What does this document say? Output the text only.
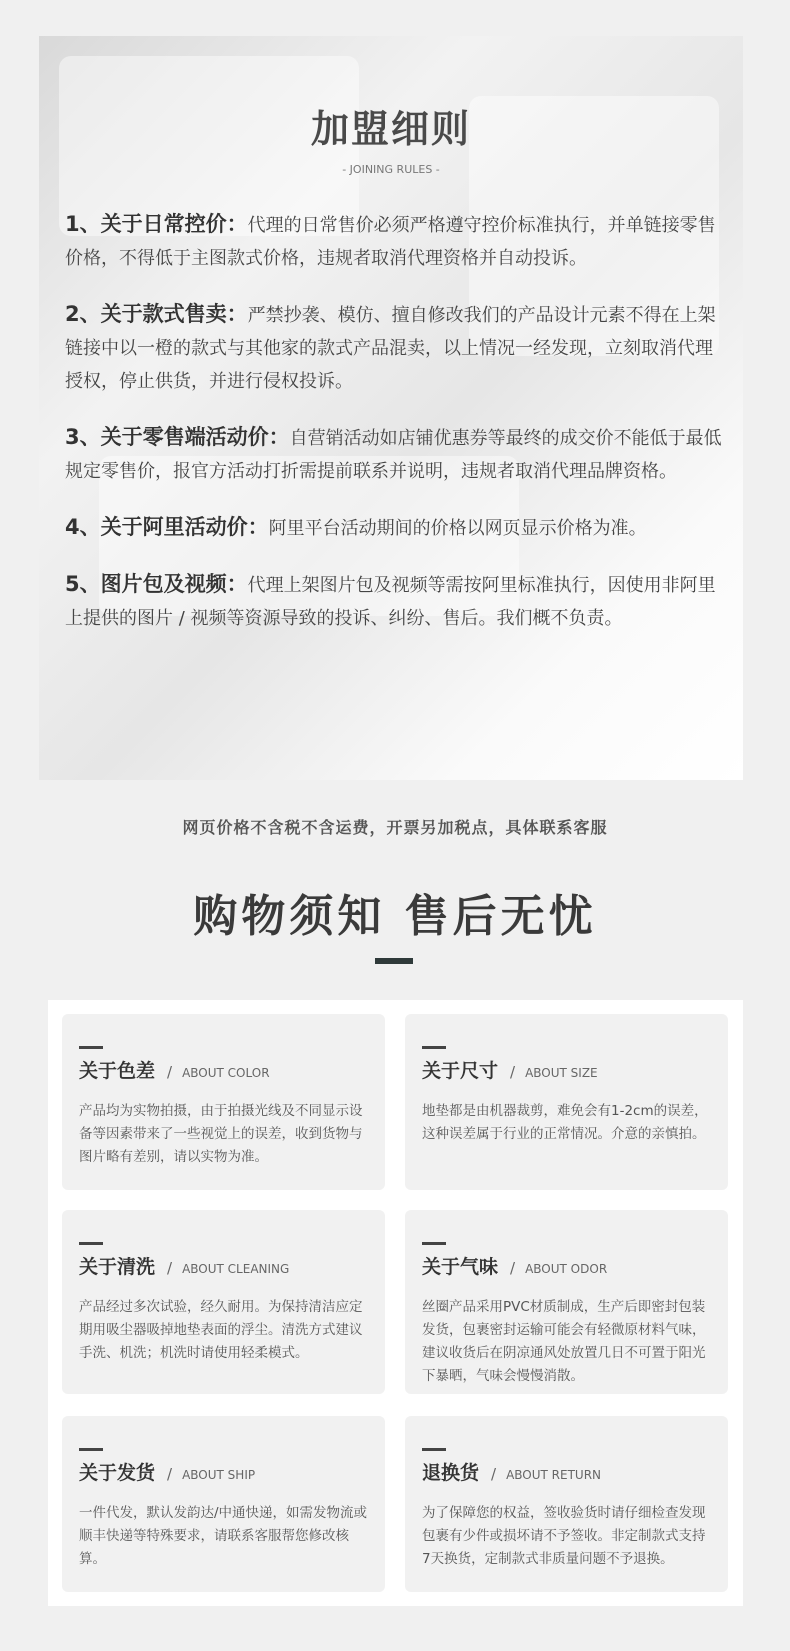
加盟细则
- JOINING RULES -

1、关于日常控价：代理的日常售价必须严格遵守控价标准执行，并单链接零售价格，不得低于主图款式价格，违规者取消代理资格并自动投诉。

2、关于款式售卖：严禁抄袭、模仿、擅自修改我们的产品设计元素不得在上架链接中以一橙的款式与其他家的款式产品混卖，以上情况一经发现，立刻取消代理授权，停止供货，并进行侵权投诉。

3、关于零售端活动价：自营销活动如店铺优惠券等最终的成交价不能低于最低规定零售价，报官方活动打折需提前联系并说明，违规者取消代理品牌资格。

4、关于阿里活动价：阿里平台活动期间的价格以网页显示价格为准。

5、图片包及视频：代理上架图片包及视频等需按阿里标准执行，因使用非阿里上提供的图片 / 视频等资源导致的投诉、纠纷、售后。我们概不负责。

网页价格不含税不含运费，开票另加税点，具体联系客服
购物须知 售后无忧
关于色差 / ABOUT COLOR
产品均为实物拍摄，由于拍摄光线及不同显示设备等因素带来了一些视觉上的误差，收到货物与图片略有差别，请以实物为准。
关于尺寸 / ABOUT SIZE
地垫都是由机器裁剪，难免会有1-2cm的误差，这种误差属于行业的正常情况。介意的亲慎拍。
关于清洗 / ABOUT CLEANING
产品经过多次试验，经久耐用。为保持清洁应定期用吸尘器吸掉地垫表面的浮尘。清洗方式建议手洗、机洗；机洗时请使用轻柔模式。
关于气味 / ABOUT ODOR
丝圈产品采用PVC材质制成，生产后即密封包装发货，包裹密封运输可能会有轻微原材料气味，建议收货后在阴凉通风处放置几日不可置于阳光下暴晒，气味会慢慢消散。
关于发货 / ABOUT SHIP
一件代发，默认发韵达/中通快递，如需发物流或顺丰快递等特殊要求，请联系客服帮您修改核算。
退换货 / ABOUT RETURN
为了保障您的权益，签收验货时请仔细检查发现包裹有少件或损坏请不予签收。非定制款式支持7天换货，定制款式非质量问题不予退换。
